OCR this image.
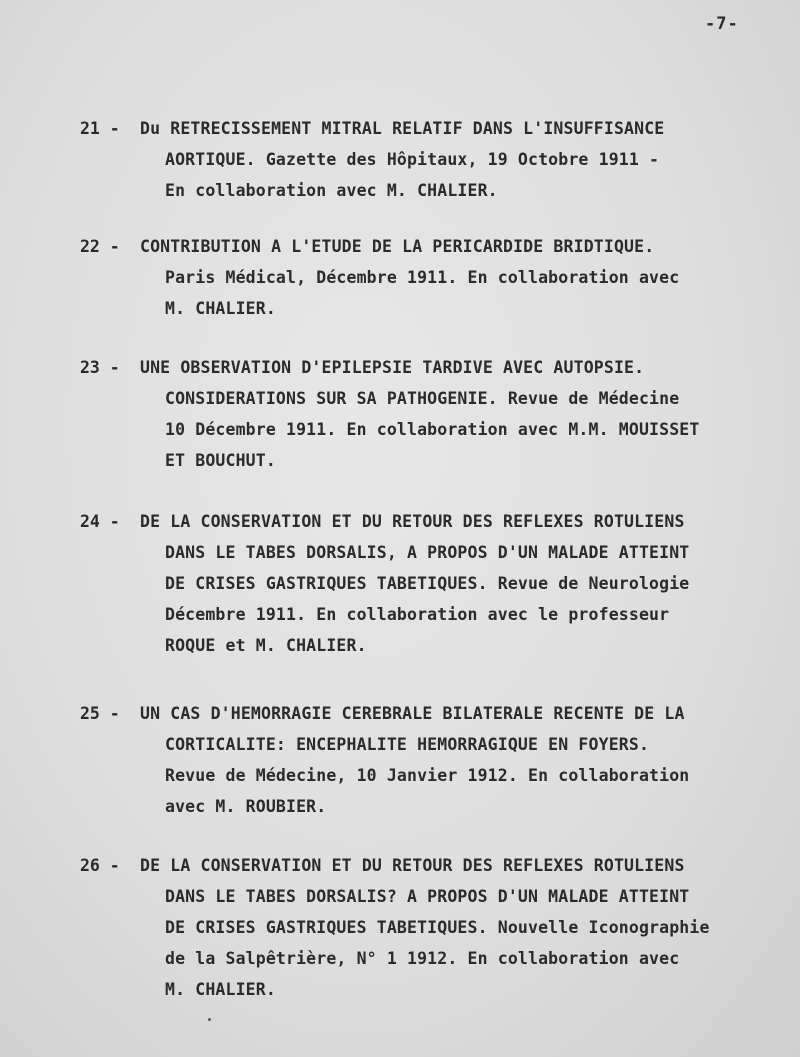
-7-
21 -	Du RETRECISSEMENT MITRAL RELATIF DANS L'INSUFFISANCE
AORTIQUE. Gazette des Hôpitaux, 19 Octobre 1911 -
En collaboration avec M. CHALIER.
22 -	CONTRIBUTION A L'ETUDE DE LA PERICARDIDE BRIDTIQUE.
Paris Médical, Décembre 1911. En collaboration avec
M. CHALIER.
23 -	UNE OBSERVATION D'EPILEPSIE TARDIVE AVEC AUTOPSIE.
CONSIDERATIONS SUR SA PATHOGENIE. Revue de Médecine
10 Décembre 1911. En collaboration avec M.M. MOUISSET
ET BOUCHUT.
24 -	DE LA CONSERVATION ET DU RETOUR DES REFLEXES ROTULIENS
DANS LE TABES DORSALIS, A PROPOS D'UN MALADE ATTEINT
DE CRISES GASTRIQUES TABETIQUES. Revue de Neurologie
Décembre 1911. En collaboration avec le professeur
ROQUE et M. CHALIER.
25 -	UN CAS D'HEMORRAGIE CEREBRALE BILATERALE RECENTE DE LA
CORTICALITE: ENCEPHALITE HEMORRAGIQUE EN FOYERS.
Revue de Médecine, 10 Janvier 1912. En collaboration
avec M. ROUBIER.
26 -	DE LA CONSERVATION ET DU RETOUR DES REFLEXES ROTULIENS
DANS LE TABES DORSALIS? A PROPOS D'UN MALADE ATTEINT
DE CRISES GASTRIQUES TABETIQUES. Nouvelle Iconographie
de la Salpêtrière, N° 1 1912. En collaboration avec
M. CHALIER.
